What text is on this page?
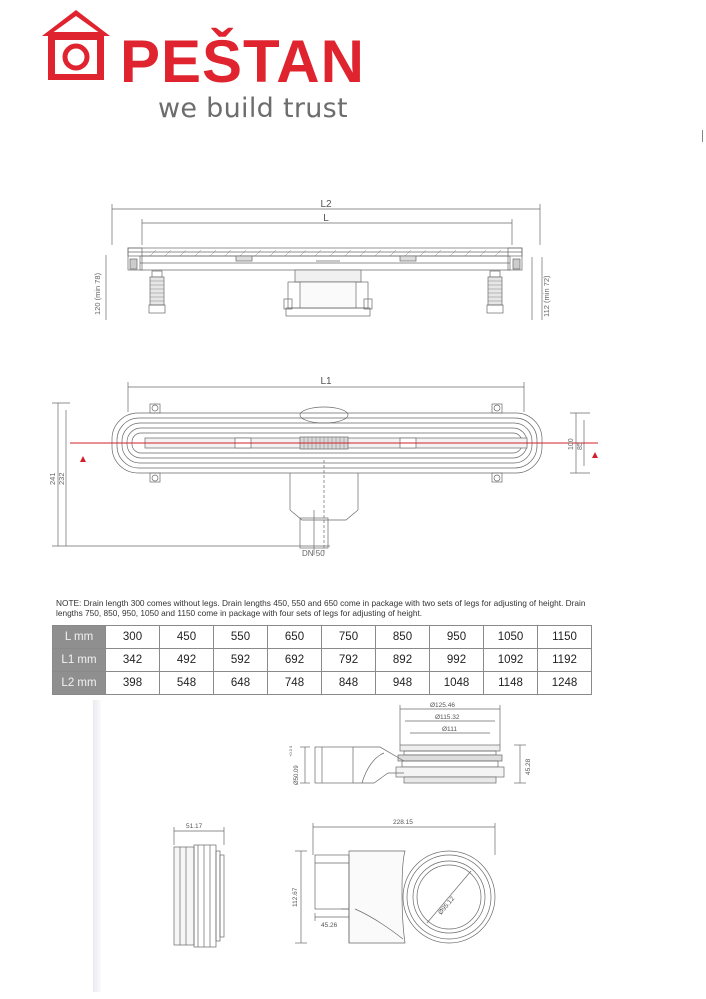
PEŠTAN
we build trust
L2
L
120 (min 78)	112 (min 72)
L1
241 232
100 85
DN 50
NOTE: Drain length 300 comes without legs. Drain lengths 450, 550 and 650 come in package with two sets of legs for adjusting of height. Drain lengths 750, 850, 950, 1050 and 1150 come in package with four sets of legs for adjusting of height.
L mm	300	450	550	650	750	850	950	1050	1150
L1 mm	342	492	592	692	792	892	992	1092	1192
L2 mm	398	548	648	748	848	948	1048	1148	1248
Ø125.46
Ø115.32
Ø111
Ø50.09
+0.3 0
45.28
51.17
228.15
112.67
45.26
Ø95.12
